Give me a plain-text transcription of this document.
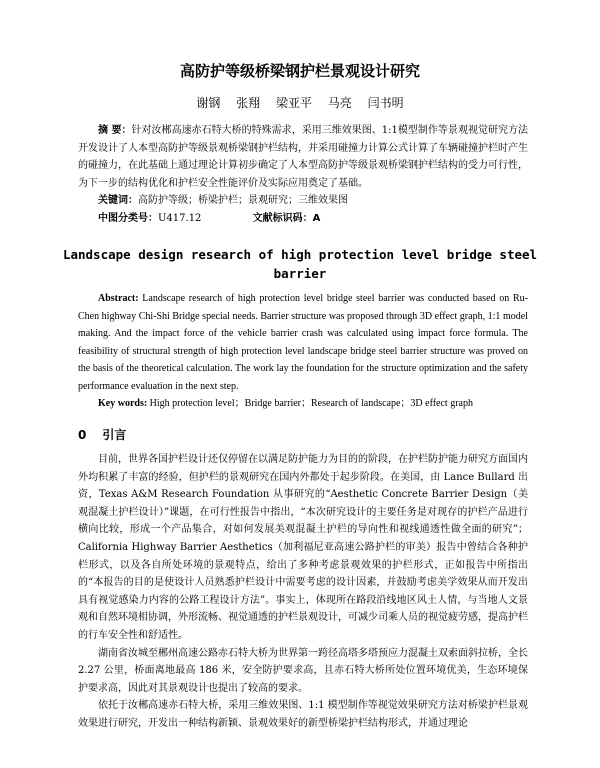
高防护等级桥梁钢护栏景观设计研究
谢钢 张翔 梁亚平 马亮 闫书明

摘 要：针对汝郴高速赤石特大桥的特殊需求，采用三维效果图、1:1模型制作等景观视觉研究方法开发设计了人本型高防护等级景观桥梁钢护栏结构，并采用碰撞力计算公式计算了车辆碰撞护栏时产生的碰撞力，在此基础上通过理论计算初步确定了人本型高防护等级景观桥梁钢护栏结构的受力可行性，为下一步的结构优化和护栏安全性能评价及实际应用奠定了基础。

关键词：高防护等级；桥梁护栏；景观研究；三维效果图

中图分类号：U417.12	文献标识码：A

Landscape design research of high protection level bridge steel barrier

Abstract: Landscape research of high protection level bridge steel barrier was conducted based on Ru-Chen highway Chi-Shi Bridge special needs. Barrier structure was proposed through 3D effect graph, 1:1 model making. And the impact force of the vehicle barrier crash was calculated using impact force formula. The feasibility of structural strength of high protection level landscape bridge steel barrier structure was proved on the basis of the theoretical calculation. The work lay the foundation for the structure optimization and the safety performance evaluation in the next step.

Key words: High protection level；Bridge barrier；Research of landscape；3D effect graph

0 引言

目前，世界各国护栏设计还仅停留在以满足防护能力为目的的阶段，在护栏防护能力研究方面国内外均积累了丰富的经验，但护栏的景观研究在国内外都处于起步阶段。在美国，由 Lance Bullard 出资，Texas A&M Research Foundation 从事研究的“Aesthetic Concrete Barrier Design（美观混凝土护栏设计）”课题，在可行性报告中指出，“本次研究设计的主要任务是对现存的护栏产品进行横向比较，形成一个产品集合，对如何发展美观混凝土护栏的导向性和视线通透性做全面的研究”；California Highway Barrier Aesthetics（加利福尼亚高速公路护栏的审美）报告中曾结合各种护栏形式，以及各自所处环境的景观特点，给出了多种考虑景观效果的护栏形式，正如报告中所指出的“本报告的目的是使设计人员熟悉护栏设计中需要考虑的设计因素，并鼓励考虑美学效果从而开发出具有视觉感染力内容的公路工程设计方法”。事实上，体现所在路段沿线地区风土人情，与当地人文景观和自然环境相协调，外形流畅、视觉通透的护栏景观设计，可减少司乘人员的视觉疲劳感，提高护栏的行车安全性和舒适性。

湖南省汝城至郴州高速公路赤石特大桥为世界第一跨径高塔多塔预应力混凝土双索面斜拉桥，全长 2.27 公里，桥面离地最高 186 米，安全防护要求高，且赤石特大桥所处位置环境优美，生态环境保护要求高，因此对其景观设计也提出了较高的要求。

依托于汝郴高速赤石特大桥，采用三维效果图、1:1 模型制作等视觉效果研究方法对桥梁护栏景观效果进行研究，开发出一种结构新颖、景观效果好的新型桥梁护栏结构形式，并通过理论
